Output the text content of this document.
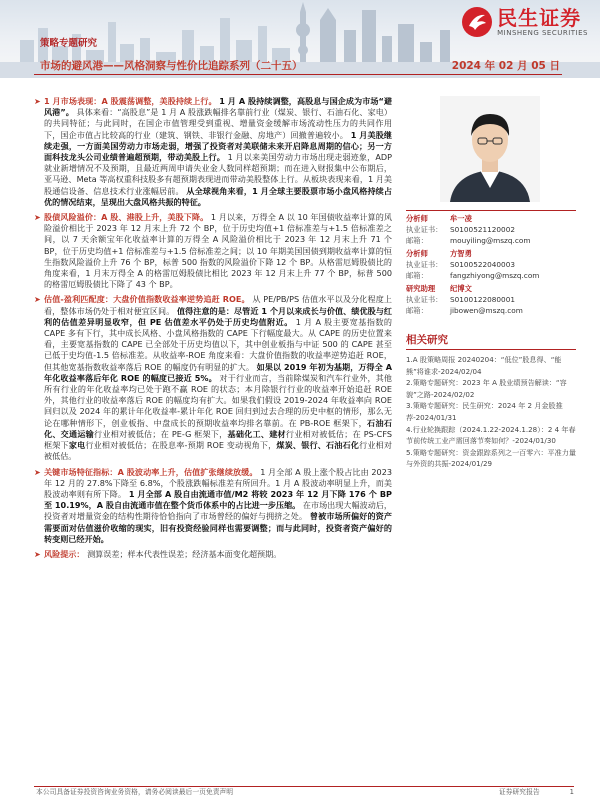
民生证券
MINSHENG SECURITIES
策略专题研究
市场的避风港——风格洞察与性价比追踪系列（二十五）	2024 年 02 月 05 日
➤ 1 月市场表现：A 股震荡调整，美股持续上行。 1 月 A 股持续调整，高股息与国企成为市场“避风港”。 具体来看：“高股息”是 1 月 A 股涨跌幅排名靠前行业（煤炭、银行、石油石化、家电）的共同特征；与此同时，在国企市值管理受到重视、增量资金缓解市场流动性压力的共同作用下，国企市值占比较高的行业（建筑、钢铁、非银行金融、房地产）回撤普遍较小。 1 月美股继续走强，一方面美国劳动力市场走弱，增强了投资者对美联储未来开启降息周期的信心；另一方面科技龙头公司业绩普遍超预期，带动美股上行。 1 月以来美国劳动力市场出现走弱迹象，ADP 就业新增情况不及预期，且最近两周申请失业金人数同样超预期；而在进入财报集中公布期后，亚马逊、Meta 等高权重科技股多有超预期表现进而带动美股整体上行。从板块表现来看，1 月美股通信设备、信息技术行业涨幅居前。 从全球视角来看，1 月全球主要股票市场小盘风格持续占优的情况结束，呈现出大盘风格共振的特征。
➤ 股债风险溢价：A 股、港股上升，美股下降。 1 月以来，万得全 A 以 10 年国债收益率计算的风险溢价相比于 2023 年 12 月末上升 72 个 BP，位于历史均值+1 倍标准差与+1.5 倍标准差之间，以 7 天余额宝年化收益率计算的万得全 A 风险溢价相比于 2023 年 12 月末上升 71 个 BP，位于历史均值+1 倍标准差与+1.5 倍标准差之间；以 10 年期美国国债到期收益率计算的恒生指数风险溢价上升 76 个 BP，标普 500 指数的风险溢价下降 12 个 BP。从格雷厄姆股债比的角度来看，1 月末万得全 A 的格雷厄姆股债比相比 2023 年 12 月末上升 77 个 BP，标普 500 的格雷厄姆股债比下降了 43 个 BP。
➤ 估值-盈利匹配度：大盘价值指数收益率逆势追赶 ROE。 从 PE/PB/PS 估值水平以及分化程度上看，整体市场仍处于相对便宜区间。 值得注意的是：尽管近 1 个月以来成长与价值、绩优股与红利的估值差异明显收窄，但 PE 估值差水平仍处于历史均值附近。 1 月 A 股主要宽基指数的 CAPE 多有下行，其中成长风格、小盘风格指数的 CAPE 下行幅度最大。从 CAPE 的历史位置来看，主要宽基指数的 CAPE 已全部处于历史均值以下，其中创业板指与中证 500 的 CAPE 甚至已低于史均值-1.5 倍标准差。从收益率-ROE 角度来看：大盘价值指数的收益率逆势追赶 ROE，但其他宽基指数收益率落后 ROE 的幅度仍有明显的扩大。 如果以 2019 年初为基期，万得全 A 年化收益率落后年化 ROE 的幅度已接近 5%。 对于行业而言，当前除煤炭和汽车行业外，其他所有行业的年化收益率均已处于跑不赢 ROE 的状态；本月除银行行业的收益率开始追赶 ROE 外，其他行业的收益率落后 ROE 的幅度均有扩大。如果我们假设 2019-2024 年收益率向 ROE 回归以及 2024 年的累计年化收益率-累计年化 ROE 回归到过去合理的历史中枢的情形，那么无论在哪种情形下，创业板指、中盘成长的预期收益率均排名靠前。在 PB-ROE 框架下，石油石化、交通运输行业相对被低估；在 PE-G 框架下，基础化工、建材行业相对被低估；在 PS-CFS 框架下家电行业相对被低估；在股息率-预期 ROE 变动视角下，煤炭、银行、石油石化行业相对被低估。
➤ 关键市场特征指标：A 股波动率上升，估值扩张继续放缓。 1 月全部 A 股上涨个股占比由 2023 年 12 月的 27.8%下降至 6.8%，个股涨跌幅标准差有所回升。1 月 A 股波动率明显上升，而美股波动率则有所下降。 1 月全部 A 股自由流通市值/M2 将较 2023 年 12 月下降 176 个 BP 至 10.19%，A 股自由流通市值在整个货币体系中的占比进一步压缩。 在市场出现大幅波动后，投资者对增量资金的结构性期待恰恰指向了市场曾经的偏好与拥挤之处。 曾被市场所偏好的资产需要面对估值滋价收缩的现实，旧有投资经验同样也需要调整；而与此同时，投资者资产偏好的转变则已经开始。
➤ 风险提示： 测算误差；样本代表性误差；经济基本面变化超预期。
分析师	牟一凌
执业证书：	S0100521120002
邮箱：	mouyiling@mszq.com
分析师	方智勇
执业证书：	S0100522040003
邮箱：	fangzhiyong@mszq.com
研究助理	纪博文
执业证书：	S0100122080001
邮箱：	jibowen@mszq.com
相关研究
1.A 股策略周报 20240204：“低位”股息得、“能熊”将谁求-2024/02/04
2.策略专题研究：2023 年 A 股业绩预告解读：“容貌”之路-2024/02/02
3.策略专题研究：民生研究：2024 年 2 月金股推荐-2024/01/31
4.行业轮换跟踪（2024.1.22-2024.1.28）：2 4 年春节前传统工业产需回落节奏如何？-2024/01/30
5.策略专题研究：资金跟踪系列之一百零六：平准力量与外资的共振-2024/01/29
本公司具备证券投资咨询业务资格，请务必阅读最后一页免责声明	证券研究报告	1
